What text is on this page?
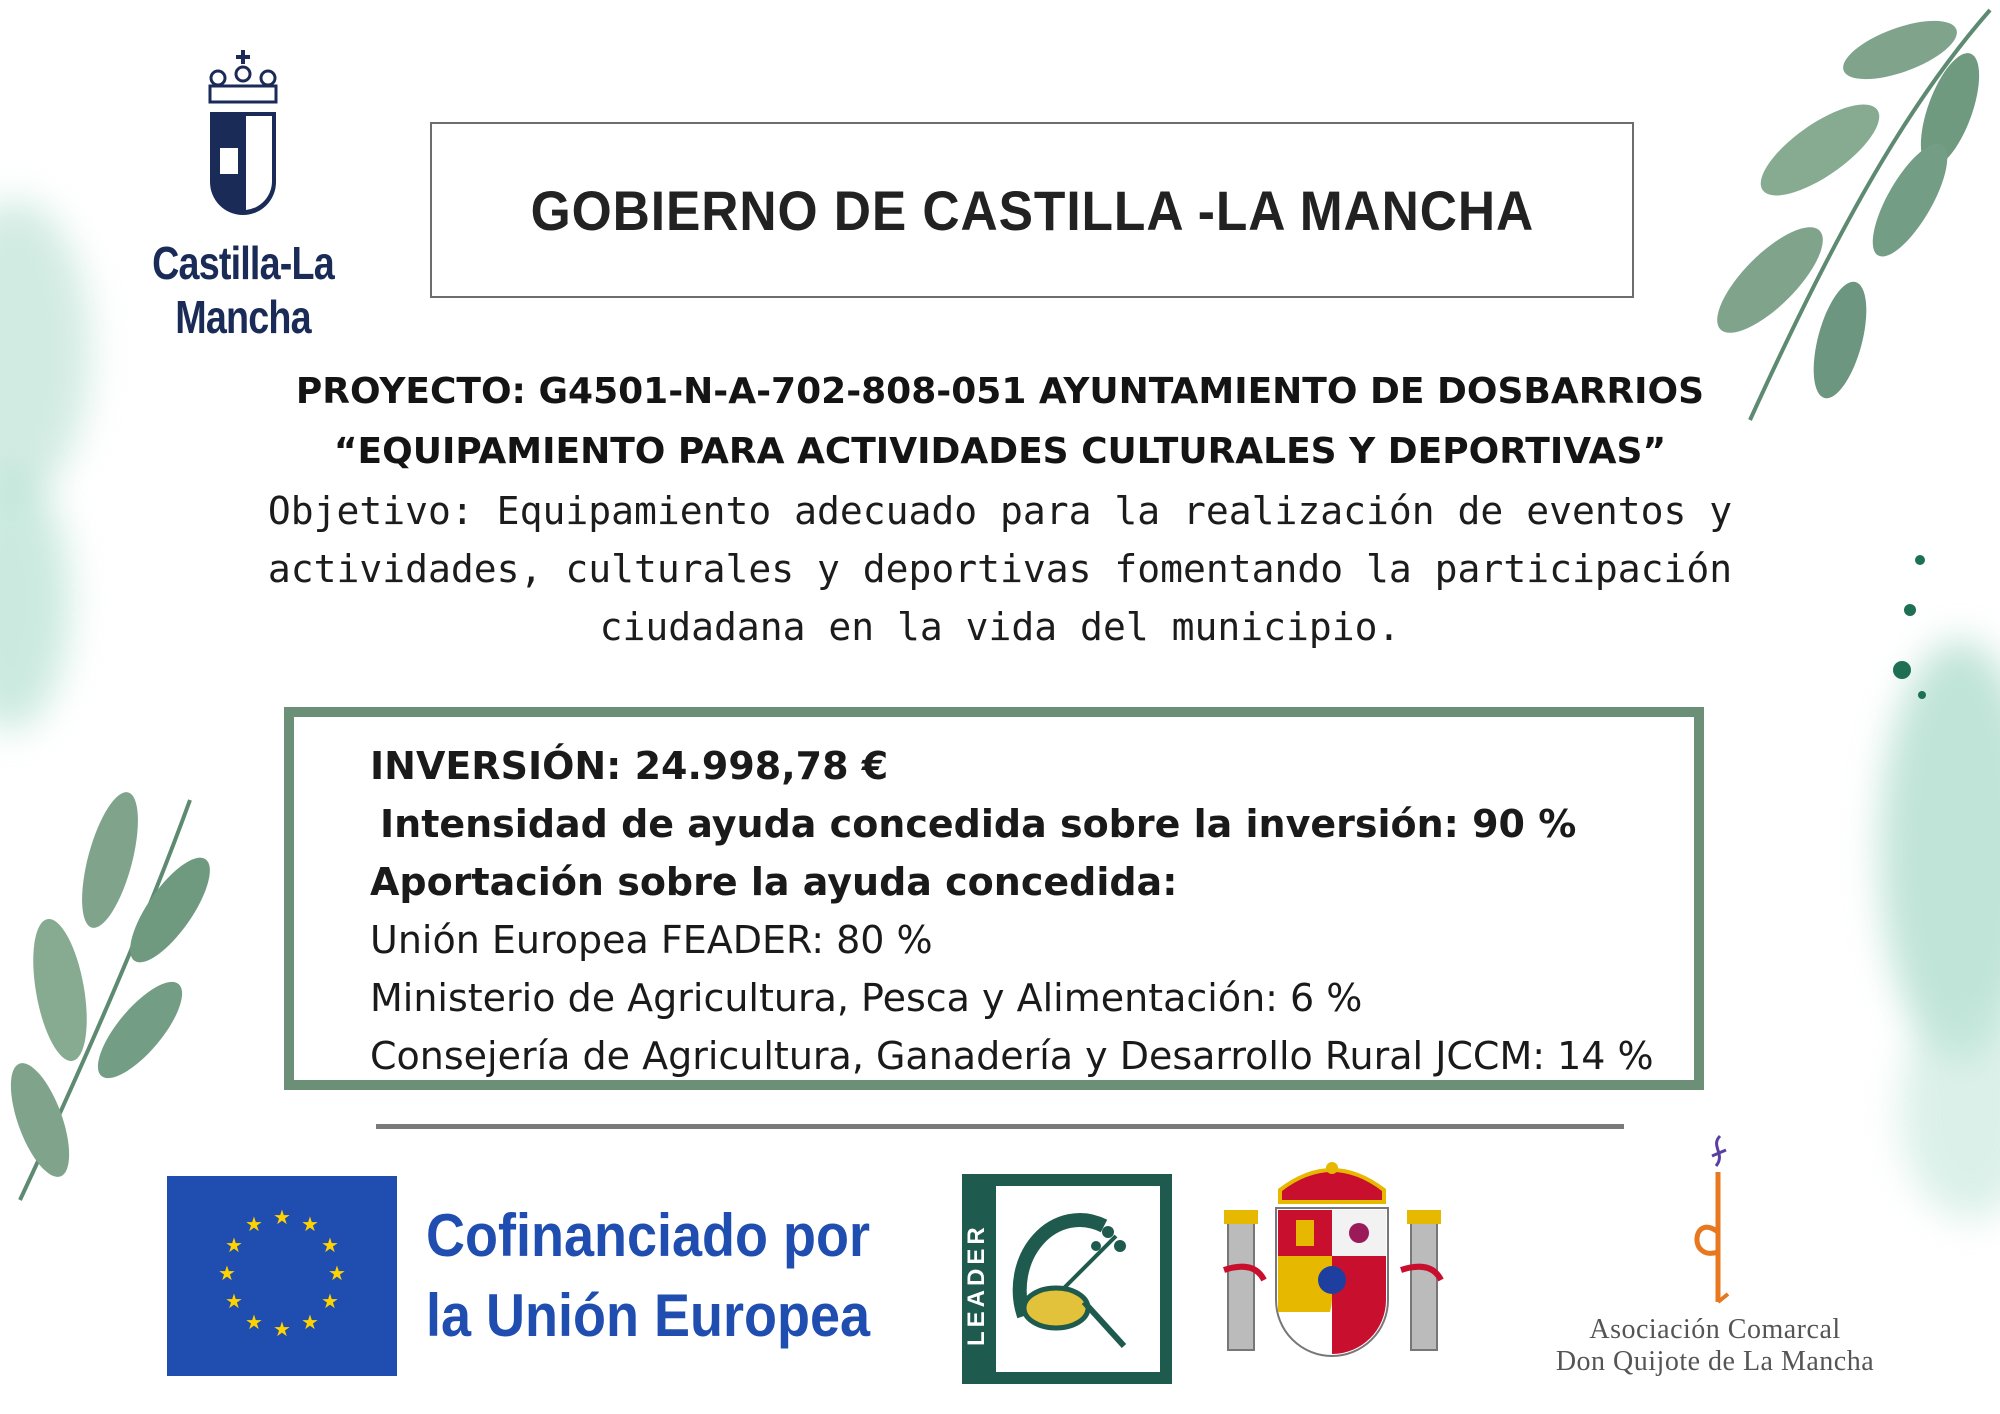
Castilla-La Mancha
GOBIERNO DE CASTILLA -LA MANCHA
PROYECTO: G4501-N-A-702-808-051 AYUNTAMIENTO DE DOSBARRIOS
“EQUIPAMIENTO PARA ACTIVIDADES CULTURALES Y DEPORTIVAS”
Objetivo: Equipamiento adecuado para la realización de eventos y
actividades, culturales y deportivas fomentando la participación
ciudadana en la vida del municipio.
INVERSIÓN: 24.998,78 €
Intensidad de ayuda concedida sobre la inversión: 90 %
Aportación sobre la ayuda concedida:
Unión Europea FEADER: 80 %
Ministerio de Agricultura, Pesca y Alimentación: 6 %
Consejería de Agricultura, Ganadería y Desarrollo Rural JCCM: 14 %
★ ★
★
★
★
★
★
★
★
★
★
★	Cofinanciado por
la Unión Europea	LEADER	Asociación Comarcal
Don Quijote de La Mancha
